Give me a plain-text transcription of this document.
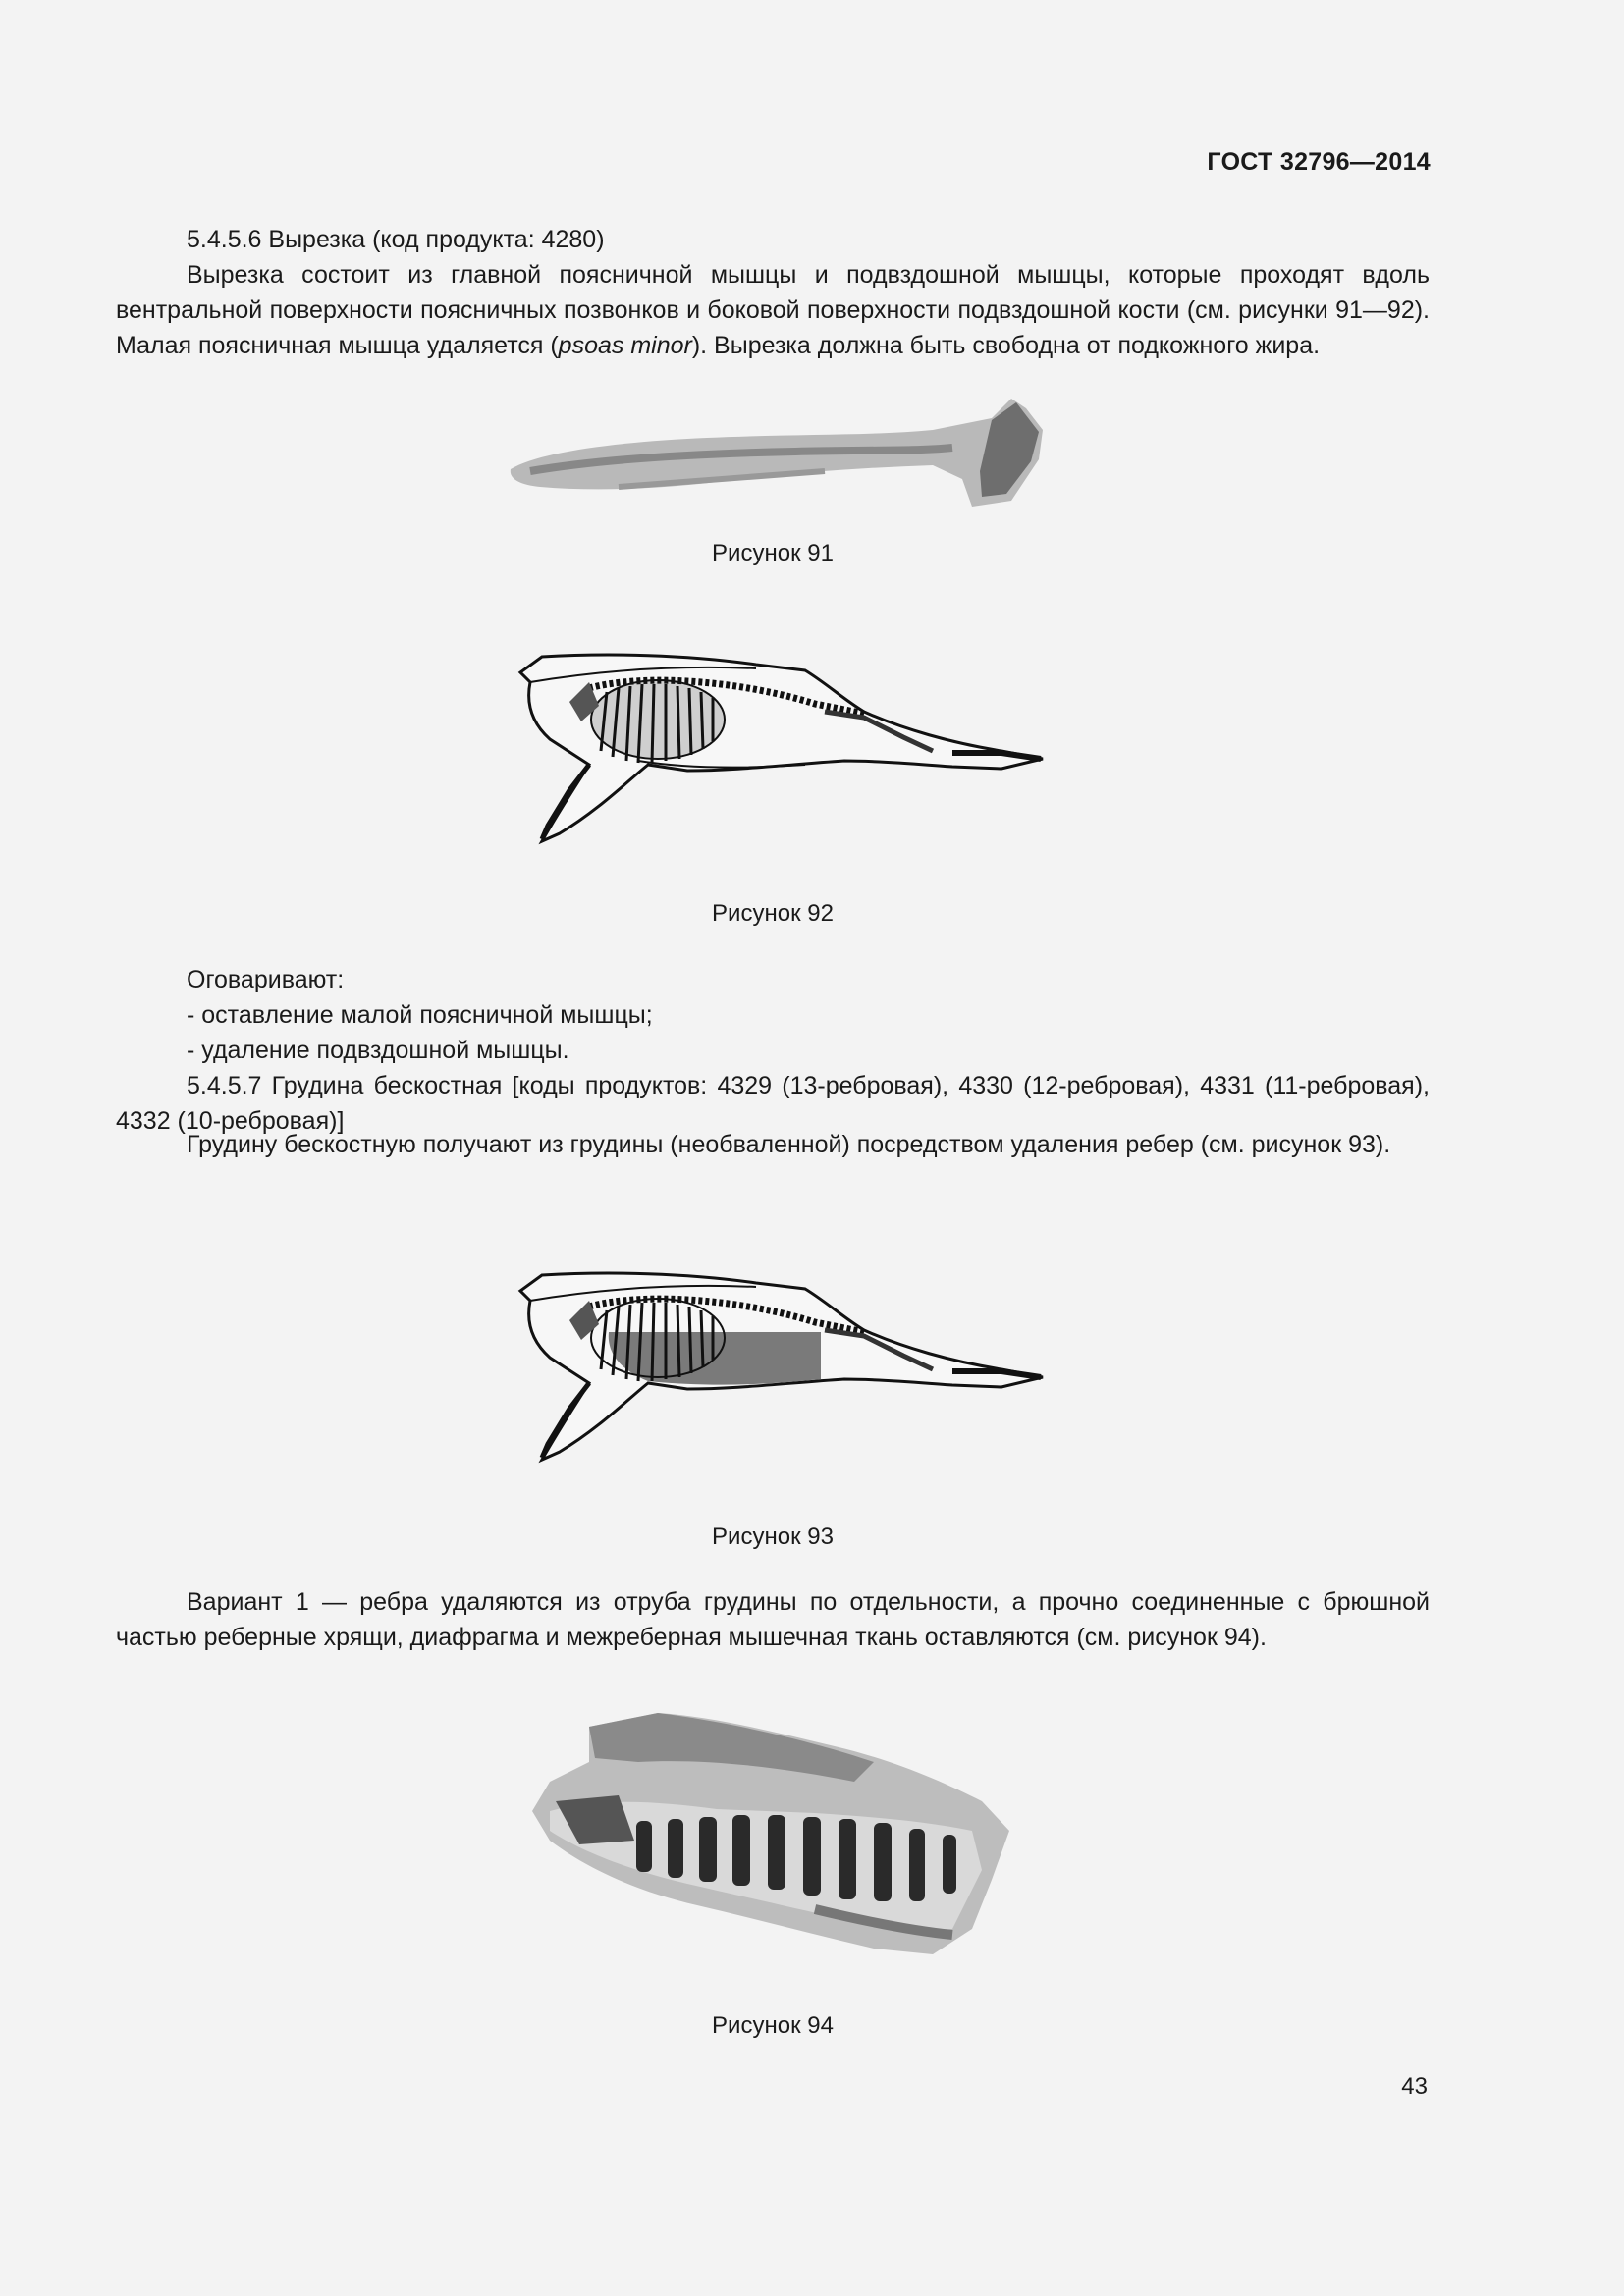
ГОСТ 32796—2014
5.4.5.6 Вырезка (код продукта: 4280)

Вырезка состоит из главной поясничной мышцы и подвздошной мышцы, которые проходят вдоль вентральной поверхности поясничных позвонков и боковой поверхности подвздошной кости (см. рисунки 91—92). Малая поясничная мышца удаляется (psoas minor). Вырезка должна быть свободна от подкожного жира.

Рисунок 91
Рисунок 92
Оговаривают:
- оставление малой поясничной мышцы;
- удаление подвздошной мышцы.

5.4.5.7 Грудина бескостная [коды продуктов: 4329 (13-ребровая), 4330 (12-ребровая), 4331 (11-ребровая), 4332 (10-ребровая)]

Грудину бескостную получают из грудины (необваленной) посредством удаления ребер (см. рисунок 93).

Рисунок 93

Вариант 1 — ребра удаляются из отруба грудины по отдельности, а прочно соединенные с брюшной частью реберные хрящи, диафрагма и межреберная мышечная ткань оставляются (см. рисунок 94).

Рисунок 94
43
